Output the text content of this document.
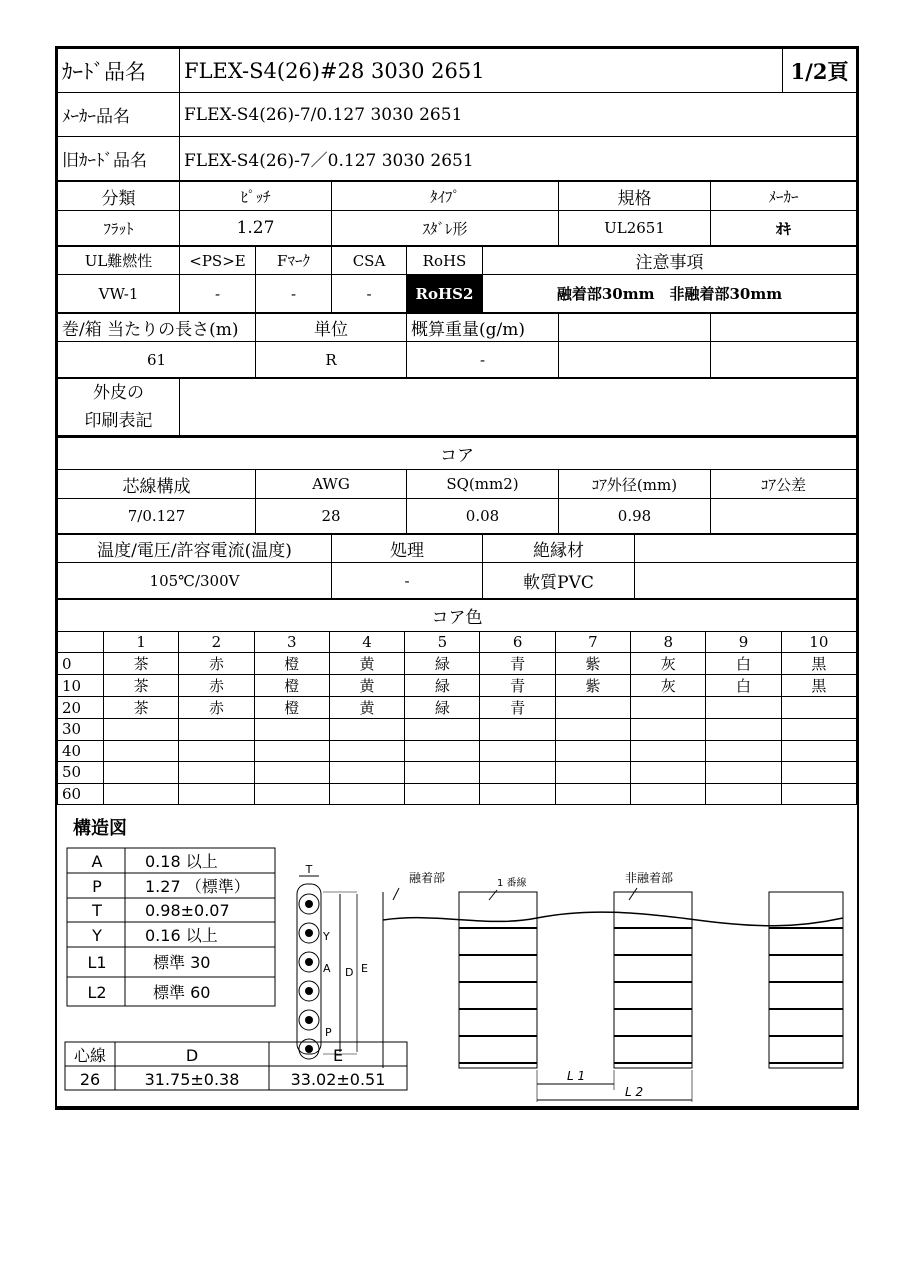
ｶｰﾄﾞ品名	FLEX-S4(26)#28 3030 2651	1/2頁
ﾒｰｶｰ品名	FLEX-S4(26)-7/0.127 3030 2651	
旧ｶｰﾄﾞ品名	FLEX-S4(26)-7／0.127 3030 2651	
分類	ﾋﾟｯﾁ	ﾀｲﾌﾟ	規格	ﾒｰｶｰ
ﾌﾗｯﾄ	1.27	ｽﾀﾞﾚ形	UL2651	ｵｷ
UL難燃性	<PS>E	Fﾏｰｸ	CSA	RoHS	注意事項
VW-1	-	-	-	RoHS2	融着部30mm　非融着部30mm
巻/箱 当たりの長さ(m)	単位	概算重量(g/m)		
61	R	-		
外皮の
印刷表記

コア				
芯線構成	AWG	SQ(mm2)	ｺｱ外径(mm)	ｺｱ公差
7/0.127	28	0.08	0.98	
温度/電圧/許容電流(温度)	処理	絶縁材	
105℃/300V	-	軟質PVC	
コア色										
	1	2	3	4	5	6	7	8	9	10
0	茶	赤	橙	黄	緑	青	紫	灰	白	黒
10	茶	赤	橙	黄	緑	青	紫	灰	白	黒
20	茶	赤	橙	黄	緑	青				
30										
40										
50										
60										
構造図
A	0.18 以上
P	1.27 （標準）
T	0.98±0.07
Y	0.16 以上
L1	標準 30
L2	標準 60
T
D E
Y
A
P
融着部	1 番線	非融着部
L 1
L 2
心線	D	E
26	31.75±0.38	33.02±0.51
